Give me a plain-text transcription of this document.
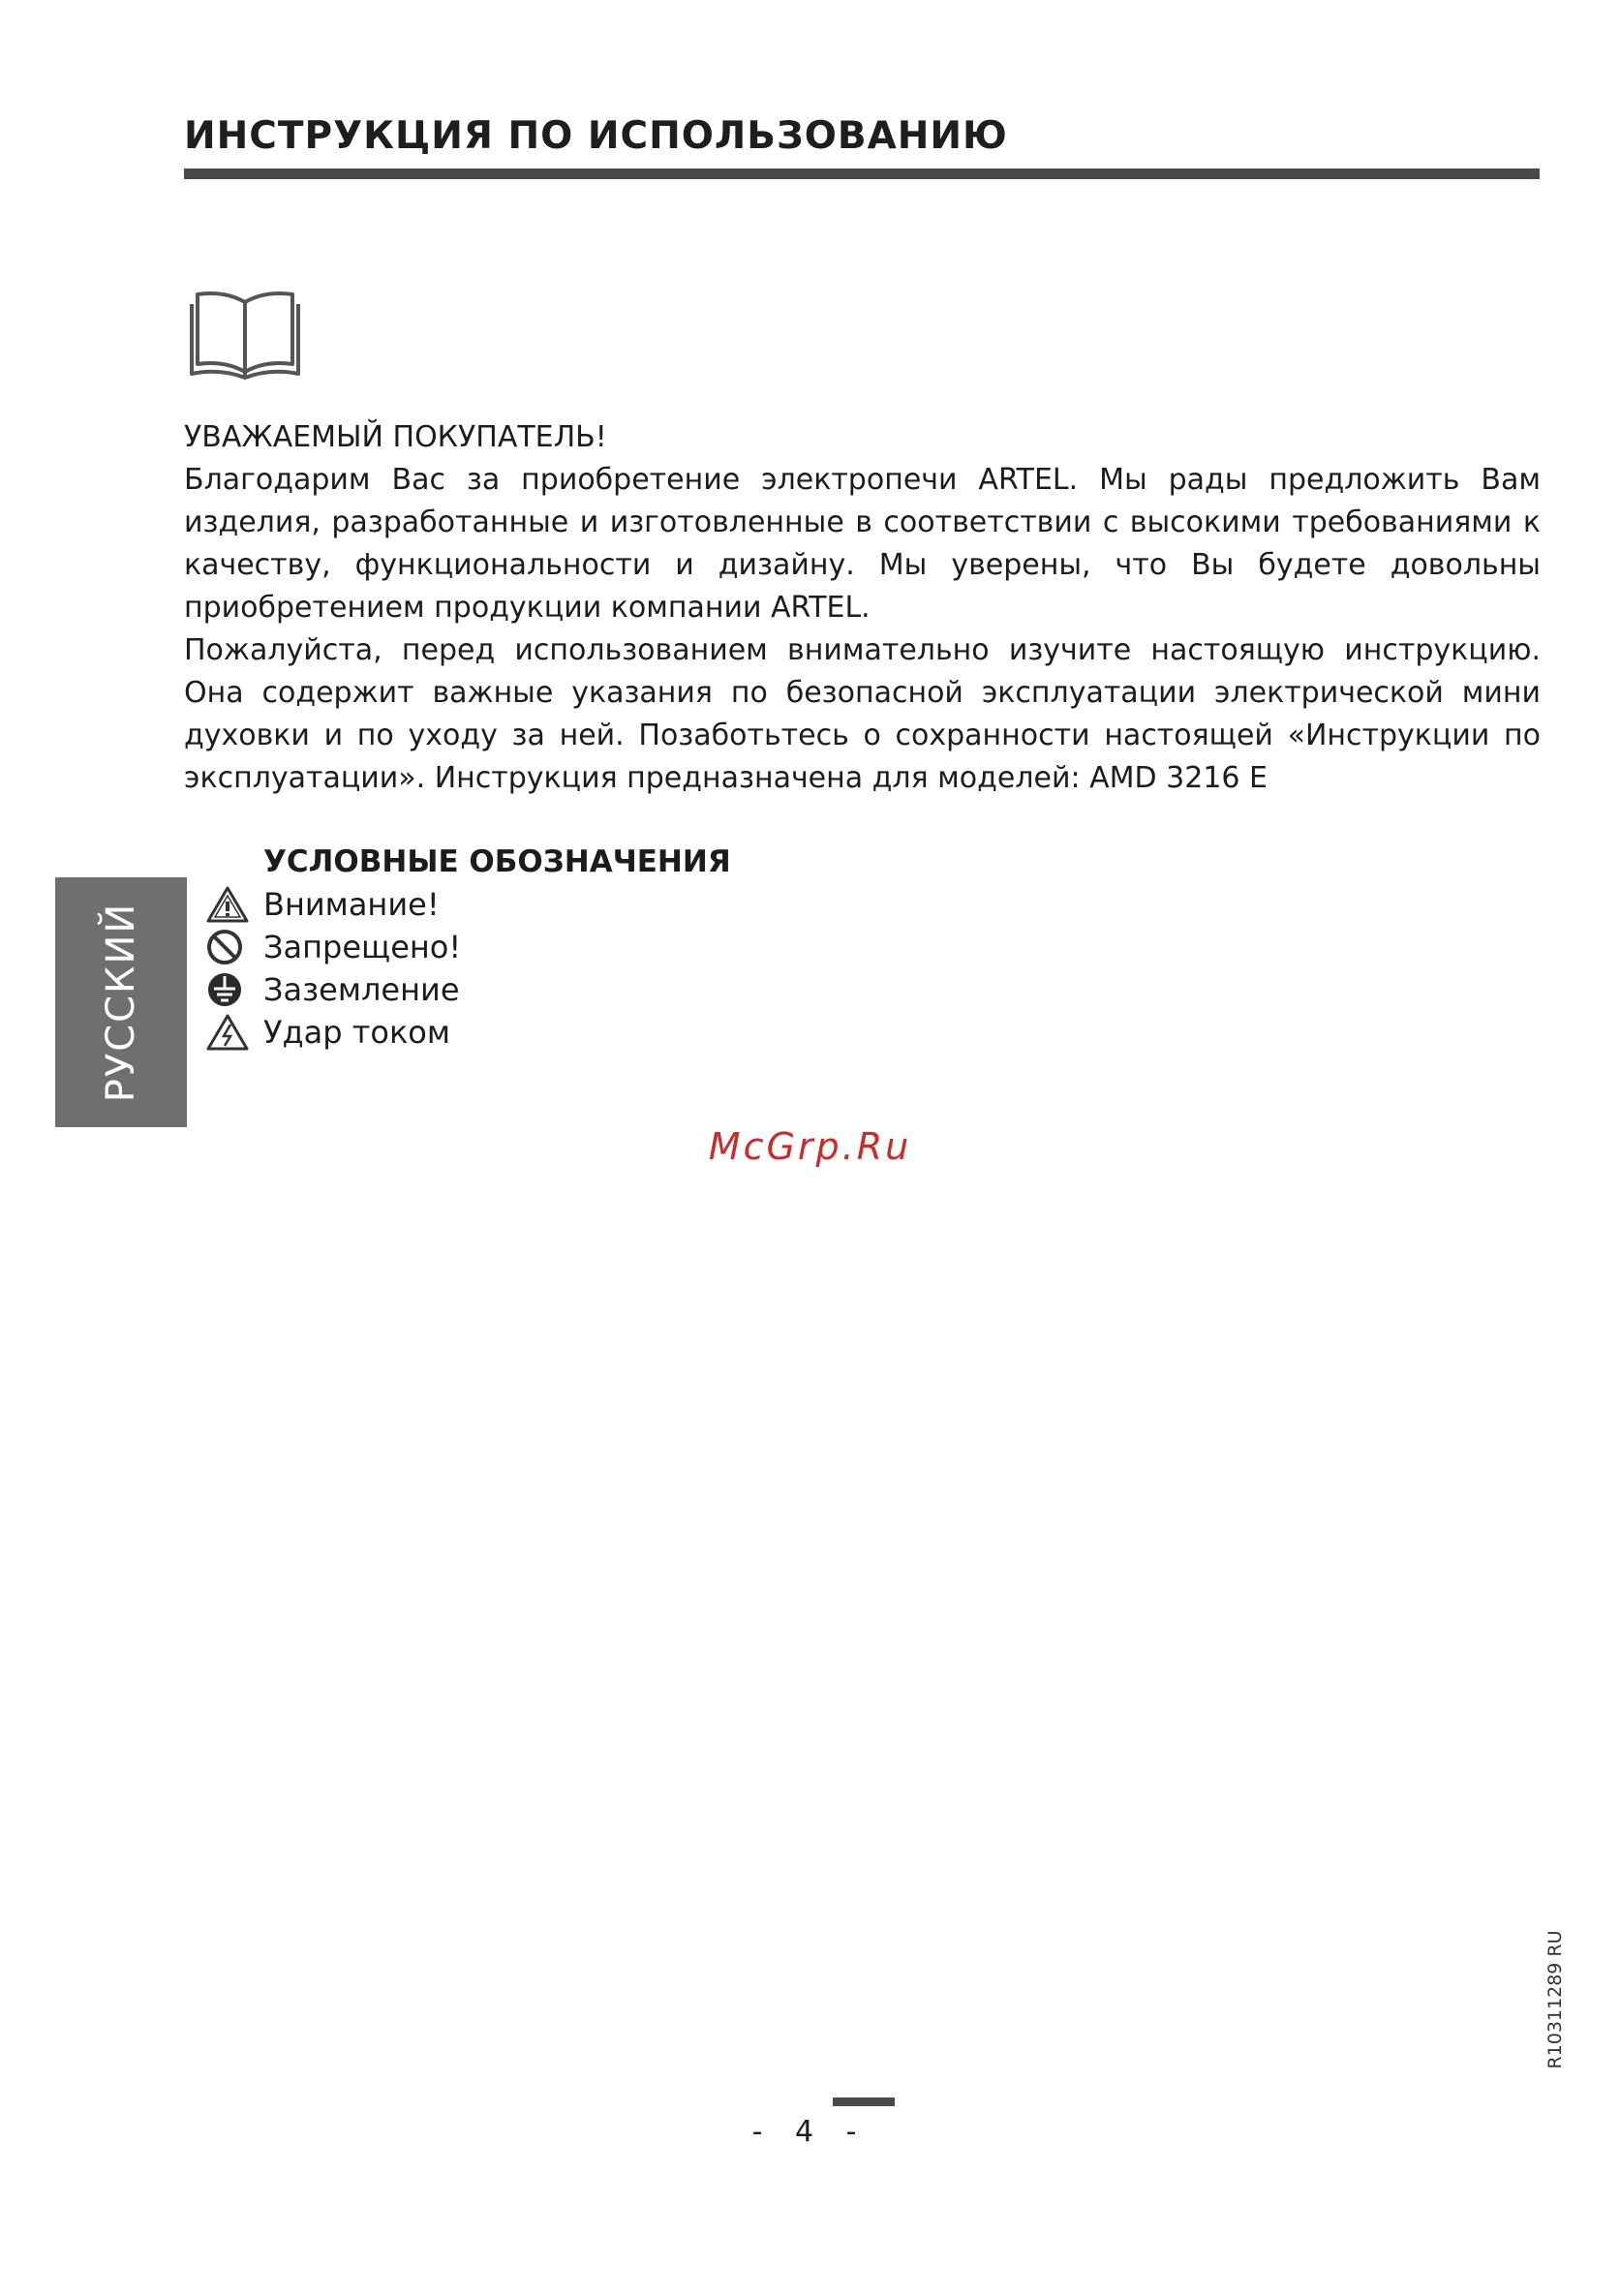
ИНСТРУКЦИЯ ПО ИСПОЛЬЗОВАНИЮ

УВАЖАЕМЫЙ ПОКУПАТЕЛЬ!

Благодарим Вас за приобретение электропечи ARTEL. Мы рады предложить Вам изделия, разработанные и изготовленные в соответствии с высокими требованиями к качеству, функциональности и дизайну. Мы уверены, что Вы будете довольны приобретением продукции компании ARTEL.

Пожалуйста, перед использованием внимательно изучите настоящую инструкцию. Она содержит важные указания по безопасной эксплуатации электрической мини духовки и по уходу за ней. Позаботьтесь о сохранности настоящей «Инструкции по эксплуатации». Инструкция предназначена для моделей: AMD 3216 E

РУССКИЙ
УСЛОВНЫЕ ОБОЗНАЧЕНИЯ
Внимание!
Запрещено!
Заземление
Удар током
McGrp.Ru
R10311289 RU
- 4 -
